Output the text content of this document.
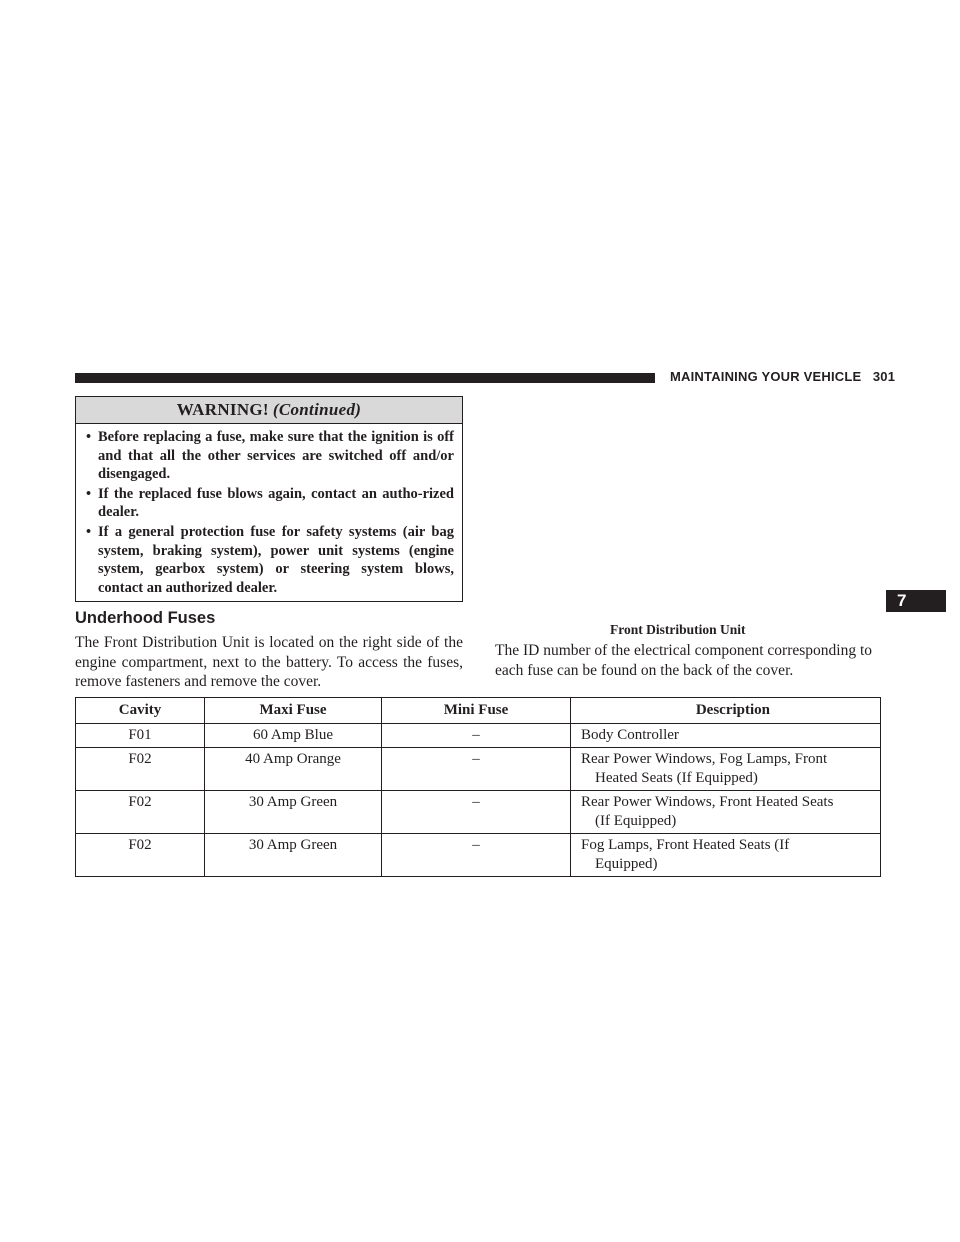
MAINTAINING YOUR VEHICLE 301
7
WARNING! (Continued)
• Before replacing a fuse, make sure that the ignition is off and that all the other services are switched off and/or disengaged.
• If the replaced fuse blows again, contact an autho-rized dealer.
• If a general protection fuse for safety systems (air bag system, braking system), power unit systems (engine system, gearbox system) or steering system blows, contact an authorized dealer.
Underhood Fuses
The Front Distribution Unit is located on the right side of the engine compartment, next to the battery. To access the fuses, remove fasteners and remove the cover.
Front Distribution Unit
The ID number of the electrical component corresponding to each fuse can be found on the back of the cover.
Cavity	Maxi Fuse	Mini Fuse	Description
F01	60 Amp Blue	–	Body Controller
F02	40 Amp Orange	–	Rear Power Windows, Fog Lamps, Front
Heated Seats (If Equipped)

F02	30 Amp Green	–	Rear Power Windows, Front Heated Seats
(If Equipped)

F02	30 Amp Green	–	Fog Lamps, Front Heated Seats (If
Equipped)
